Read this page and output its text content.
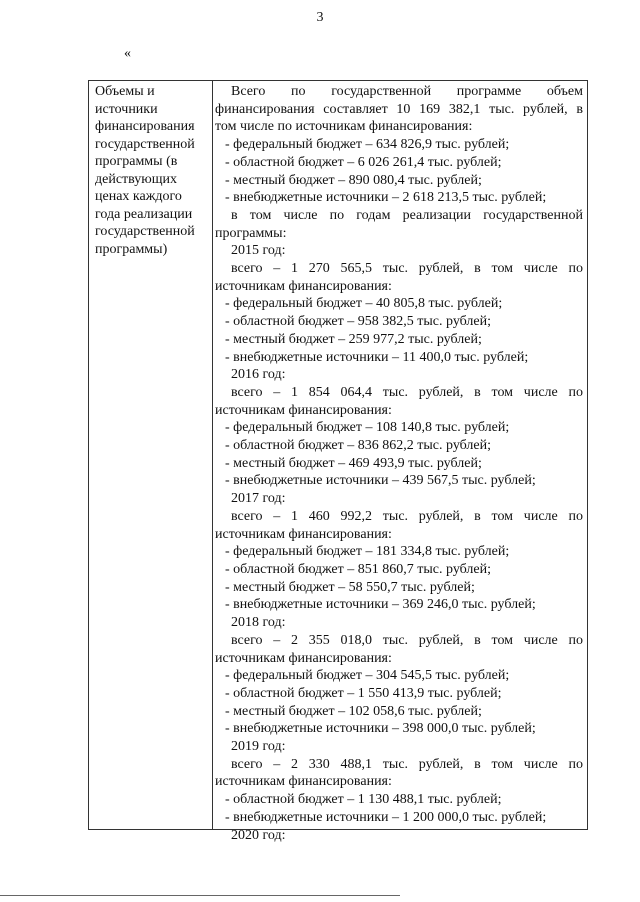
3
«
Объемы и источники финансирования государственной программы (в действующих ценах каждого года реализации государственной программы)
Всего по государственной программе объем
финансирования составляет 10 169 382,1 тыс. рублей, в
том числе по источникам финансирования:
- федеральный бюджет – 634 826,9 тыс. рублей;
- областной бюджет – 6 026 261,4 тыс. рублей;
- местный бюджет – 890 080,4 тыс. рублей;
- внебюджетные источники – 2 618 213,5 тыс. рублей;
в том числе по годам реализации государственной
программы:
2015 год:
всего – 1 270 565,5 тыс. рублей, в том числе по
источникам финансирования:
- федеральный бюджет – 40 805,8 тыс. рублей;
- областной бюджет – 958 382,5 тыс. рублей;
- местный бюджет – 259 977,2 тыс. рублей;
- внебюджетные источники – 11 400,0 тыс. рублей;
2016 год:
всего – 1 854 064,4 тыс. рублей, в том числе по
источникам финансирования:
- федеральный бюджет – 108 140,8 тыс. рублей;
- областной бюджет – 836 862,2 тыс. рублей;
- местный бюджет – 469 493,9 тыс. рублей;
- внебюджетные источники – 439 567,5 тыс. рублей;
2017 год:
всего – 1 460 992,2 тыс. рублей, в том числе по
источникам финансирования:
- федеральный бюджет – 181 334,8 тыс. рублей;
- областной бюджет – 851 860,7 тыс. рублей;
- местный бюджет – 58 550,7 тыс. рублей;
- внебюджетные источники – 369 246,0 тыс. рублей;
2018 год:
всего – 2 355 018,0 тыс. рублей, в том числе по
источникам финансирования:
- федеральный бюджет – 304 545,5 тыс. рублей;
- областной бюджет – 1 550 413,9 тыс. рублей;
- местный бюджет – 102 058,6 тыс. рублей;
- внебюджетные источники – 398 000,0 тыс. рублей;
2019 год:
всего – 2 330 488,1 тыс. рублей, в том числе по
источникам финансирования:
- областной бюджет – 1 130 488,1 тыс. рублей;
- внебюджетные источники – 1 200 000,0 тыс. рублей;
2020 год:
